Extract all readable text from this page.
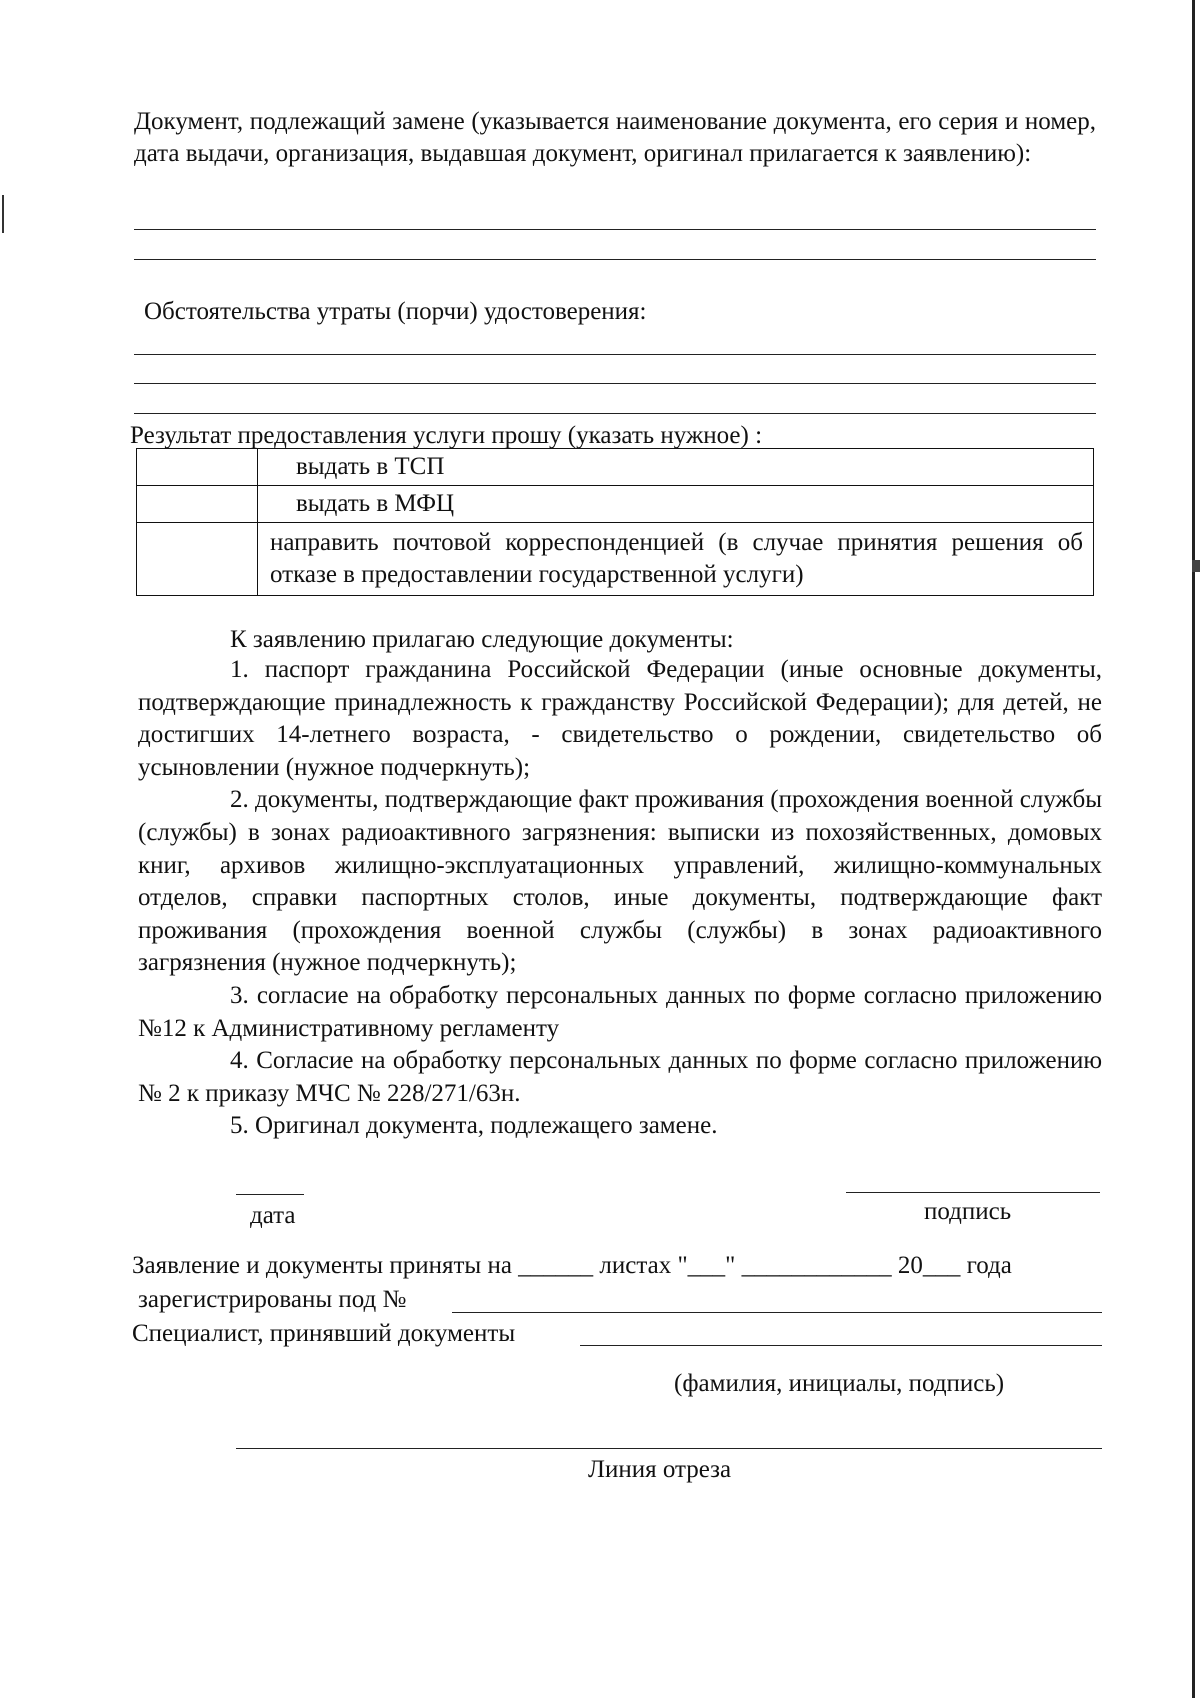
Документ, подлежащий замене (указывается наименование документа, его серия и номер, дата выдачи, организация, выдавшая документ, оригинал прилагается к заявлению):
Обстоятельства утраты (порчи) удостоверения:
Результат предоставления услуги прошу (указать нужное) :
	выдать в ТСП
	выдать в МФЦ

	направить почтовой корреспонденцией (в случае принятия решения об отказе в предоставлении государственной услуги)
К заявлению прилагаю следующие документы:

1. паспорт гражданина Российской Федерации (иные основные документы, подтверждающие принадлежность к гражданству Российской Федерации); для детей, не достигших 14-летнего возраста, - свидетельство о рождении, свидетельство об усыновлении (нужное подчеркнуть);

2. документы, подтверждающие факт проживания (прохождения военной службы (службы) в зонах радиоактивного загрязнения: выписки из похозяйственных, домовых книг, архивов жилищно-эксплуатационных управлений, жилищно-коммунальных отделов, справки паспортных столов, иные документы, подтверждающие факт проживания (прохождения военной службы (службы) в зонах радиоактивного загрязнения (нужное подчеркнуть);

3. согласие на обработку персональных данных по форме согласно приложению №12 к Административному регламенту

4. Согласие на обработку персональных данных по форме согласно приложению № 2 к приказу МЧС № 228/271/63н.

5. Оригинал документа, подлежащего замене.

дата	подпись
Заявление и документы приняты на ______ листах "___" ____________ 20___ года
зарегистрированы под №
Специалист, принявший документы
(фамилия, инициалы, подпись)
Линия отреза
